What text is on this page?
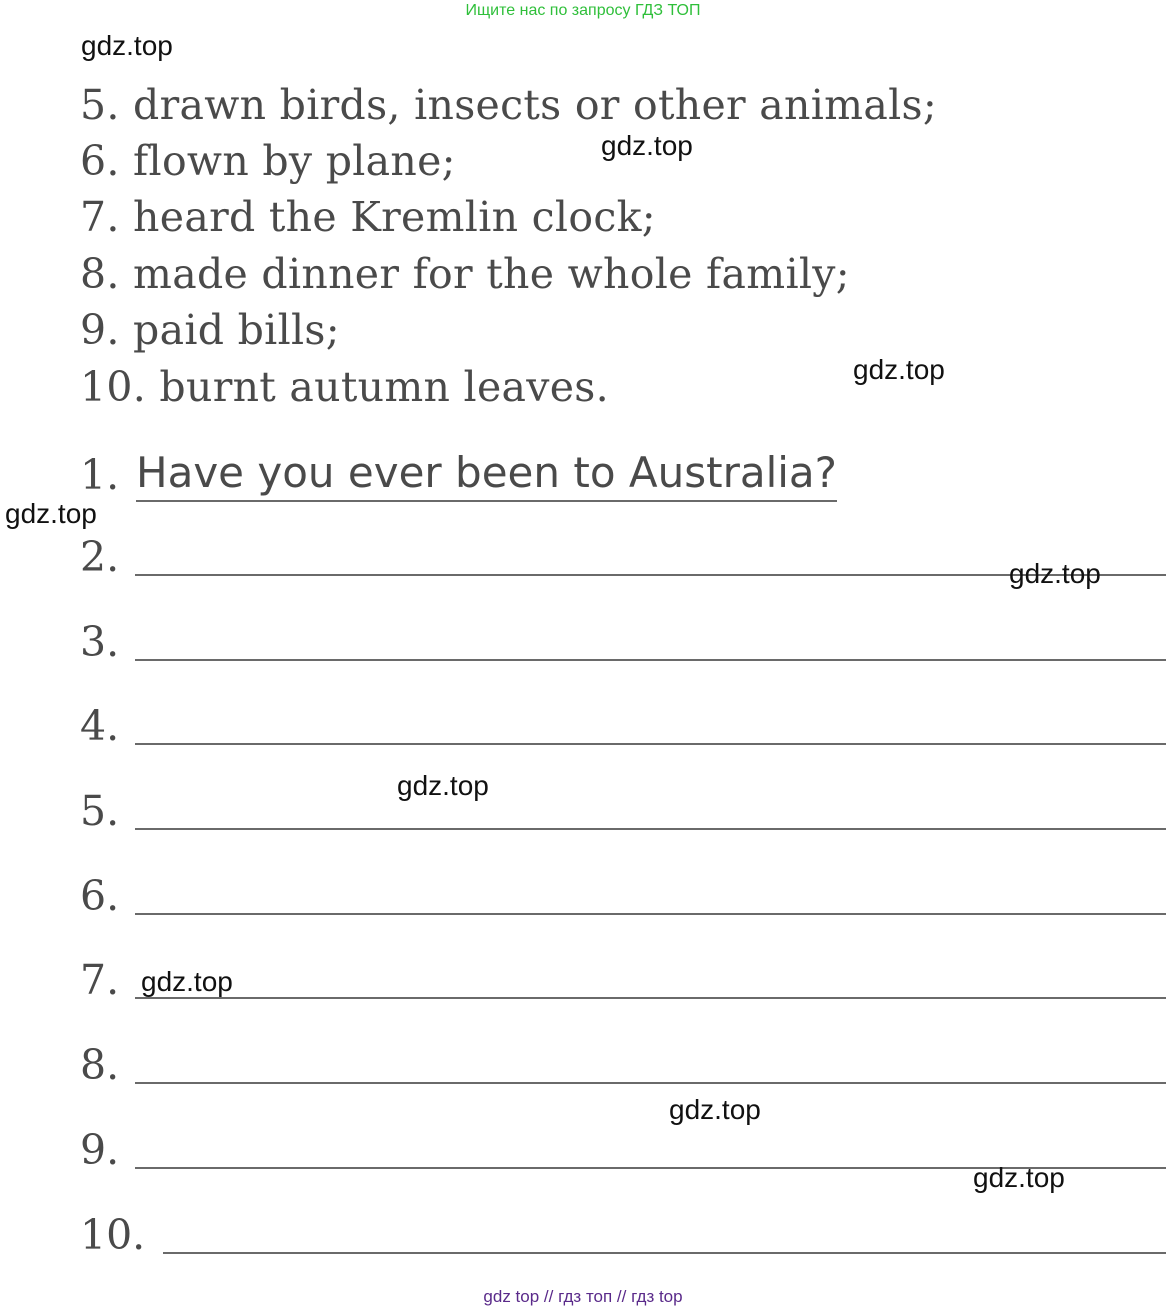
Ищите нас по запросу ГДЗ ТОП
5. drawn birds, insects or other animals;
6. flown by plane;
7. heard the Kremlin clock;
8. made dinner for the whole family;
9. paid bills;
10. burnt autumn leaves.
1. Have you ever been to Australia?
2.
3.
4.
5.
6.
7.
8.
9.
10.
gdz.top
gdz.top
gdz.top
gdz.top
gdz.top
gdz.top
gdz.top
gdz.top
gdz.top
gdz top // гдз топ // гдз top
